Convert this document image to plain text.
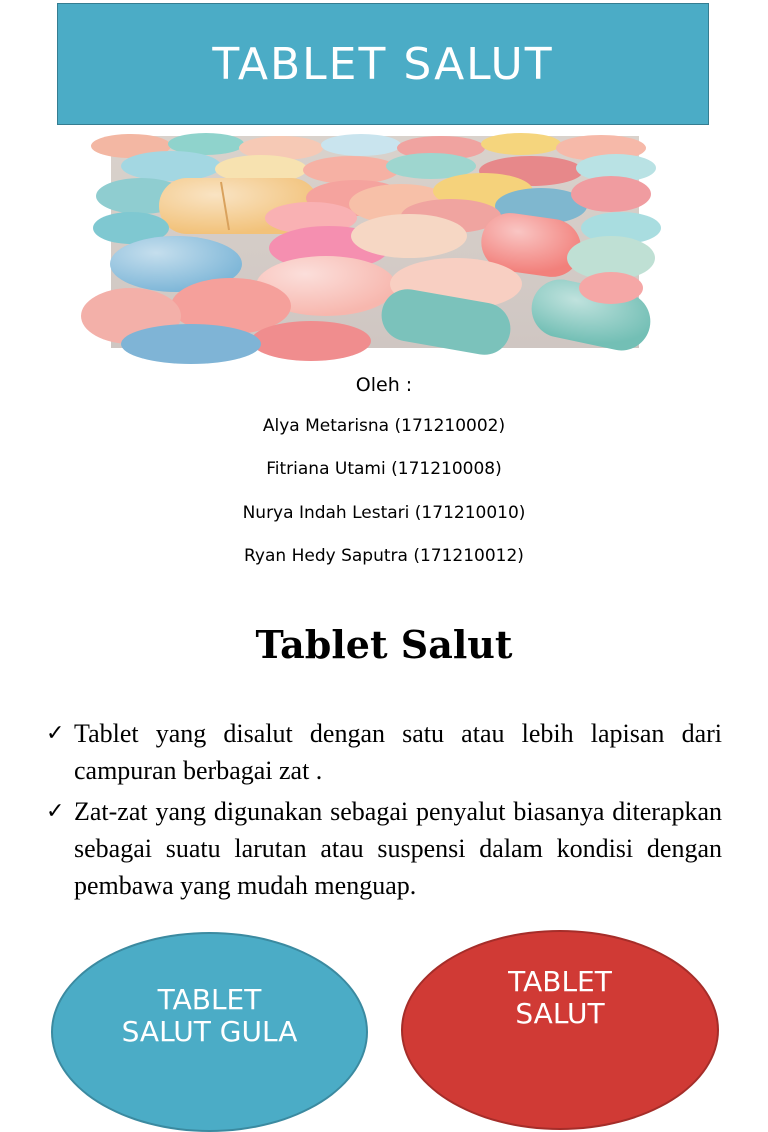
TABLET SALUT
Oleh :
Alya Metarisna (171210002)
Fitriana Utami (171210008)
Nurya Indah Lestari (171210010)
Ryan Hedy Saputra (171210012)
Tablet Salut
✓ Tablet yang disalut dengan satu atau lebih lapisan dari campuran berbagai zat .
✓ Zat-zat yang digunakan sebagai penyalut biasanya diterapkan sebagai suatu larutan atau suspensi dalam kondisi dengan pembawa yang mudah menguap.
TABLET
SALUT GULA
TABLET
SALUT
